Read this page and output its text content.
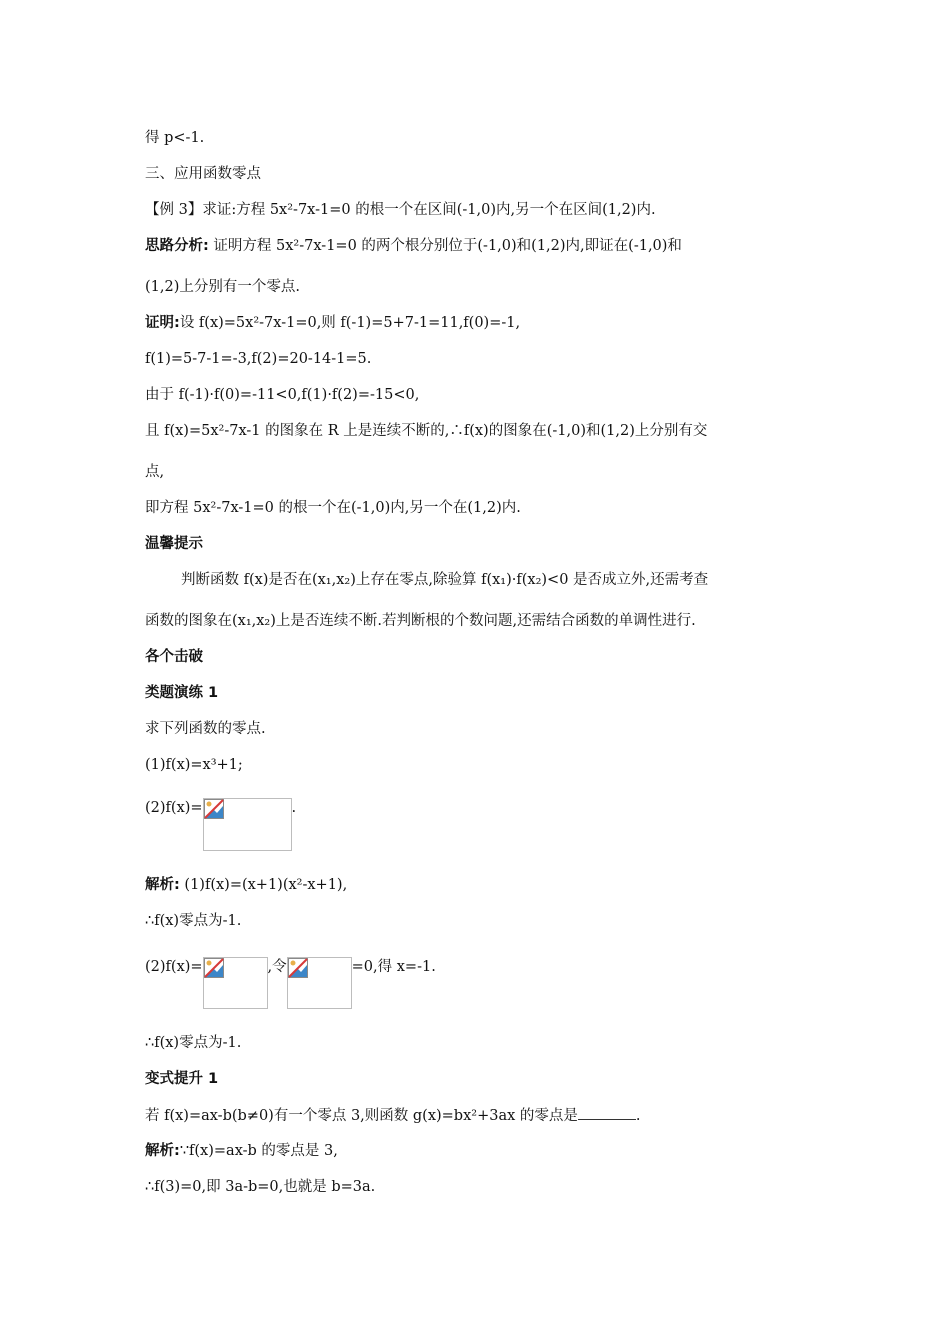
得 p<-1.
三、应用函数零点
【例 3】求证:方程 5x²-7x-1=0 的根一个在区间(-1,0)内,另一个在区间(1,2)内.
思路分析: 证明方程 5x²-7x-1=0 的两个根分别位于(-1,0)和(1,2)内,即证在(-1,0)和
(1,2)上分别有一个零点.
证明:设 f(x)=5x²-7x-1=0,则 f(-1)=5+7-1=11,f(0)=-1,
f(1)=5-7-1=-3,f(2)=20-14-1=5.
由于 f(-1)·f(0)=-11<0,f(1)·f(2)=-15<0,
且 f(x)=5x²-7x-1 的图象在 R 上是连续不断的,∴f(x)的图象在(-1,0)和(1,2)上分别有交
点,
即方程 5x²-7x-1=0 的根一个在(-1,0)内,另一个在(1,2)内.
温馨提示
判断函数 f(x)是否在(x₁,x₂)上存在零点,除验算 f(x₁)·f(x₂)<0 是否成立外,还需考查
函数的图象在(x₁,x₂)上是否连续不断.若判断根的个数问题,还需结合函数的单调性进行.
各个击破
类题演练 1
求下列函数的零点.
(1)f(x)=x³+1;
(2)f(x)=	.
解析: (1)f(x)=(x+1)(x²-x+1),
∴f(x)零点为-1.
(2)f(x)=	,令	=0,得 x=-1.
∴f(x)零点为-1.
变式提升 1
若 f(x)=ax-b(b≠0)有一个零点 3,则函数 g(x)=bx²+3ax 的零点是	.
解析:∵f(x)=ax-b 的零点是 3,
∴f(3)=0,即 3a-b=0,也就是 b=3a.
